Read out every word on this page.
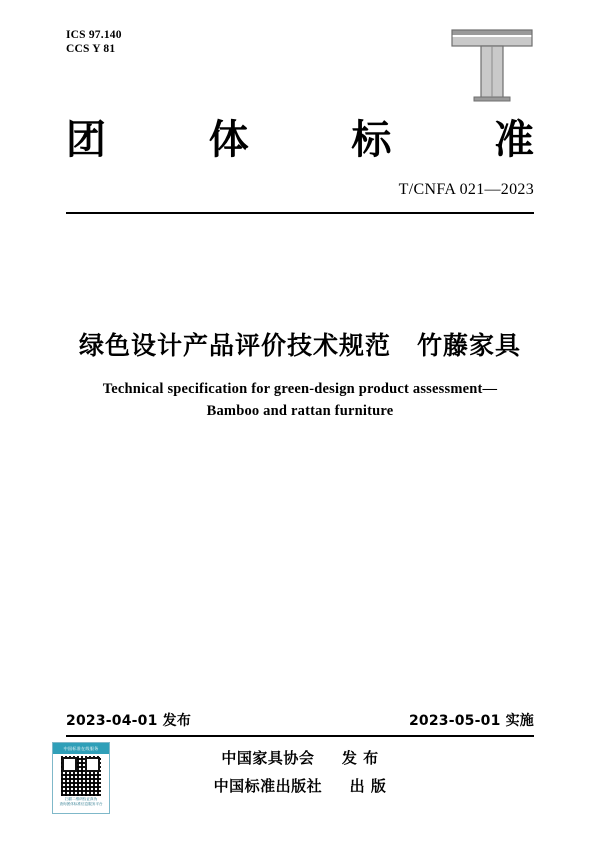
ICS 97.140
CCS Y 81
团	体	标	准
T/CNFA 021—2023
绿色设计产品评价技术规范　竹藤家具
Technical specification for green-design product assessment—
Bamboo and rattan furniture
2023-04-01 发布	2023-05-01 实施
中国家具协会 发 布
中国标准出版社 出 版
中国标准在线服务
扫描二维码验证真伪
查询团体标准信息服务平台
